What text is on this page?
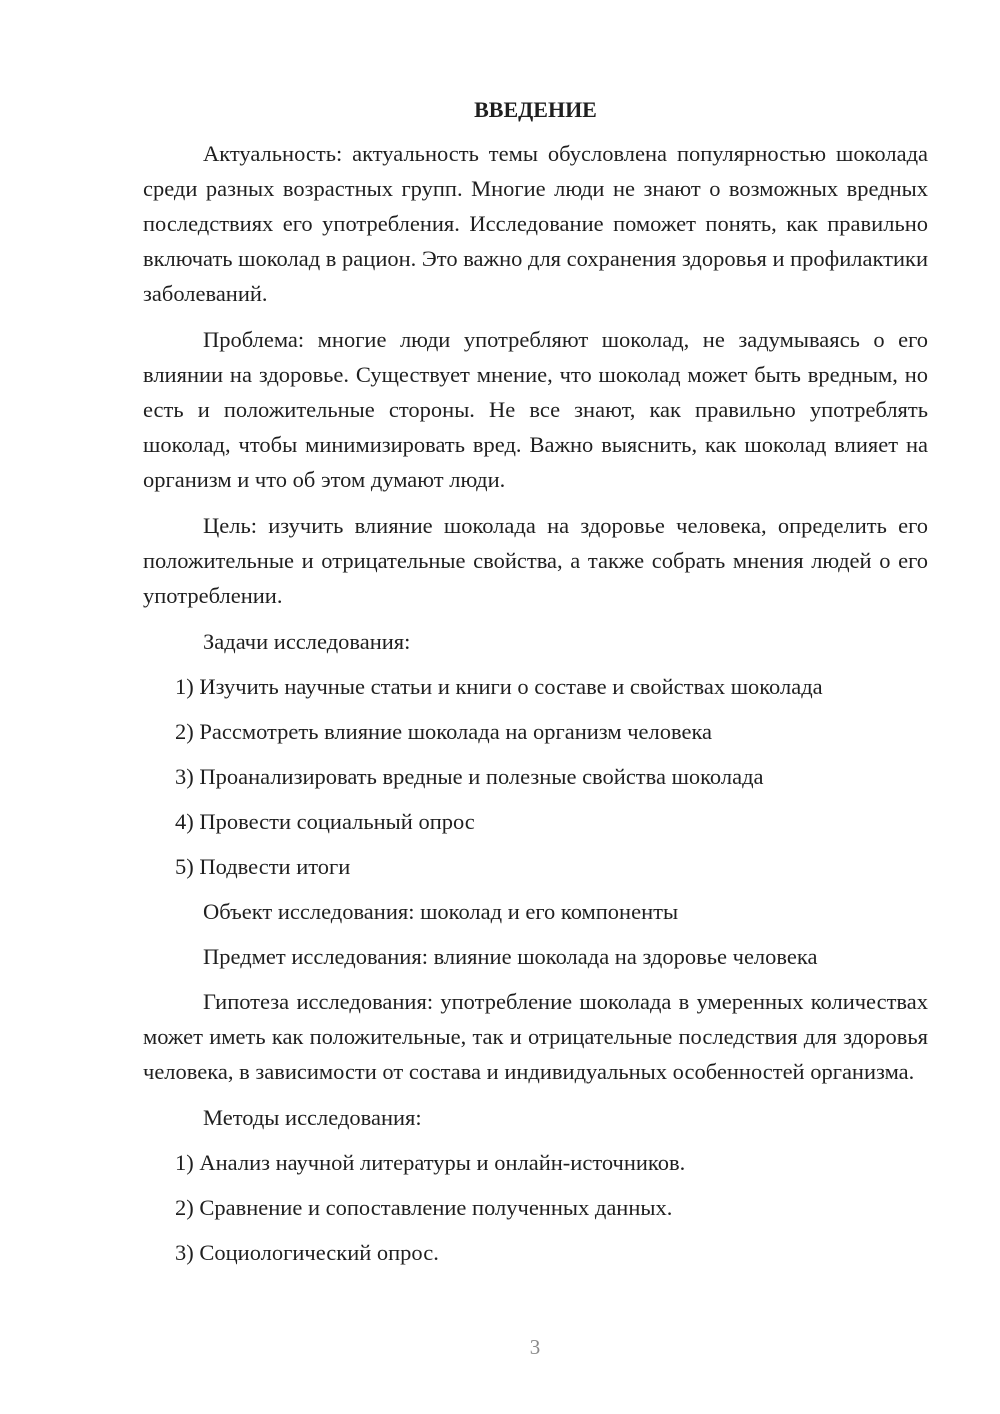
ВВЕДЕНИЕ

Актуальность: актуальность темы обусловлена популярностью шоколада среди разных возрастных групп. Многие люди не знают о возможных вредных последствиях его употребления. Исследование поможет понять, как правильно включать шоколад в рацион. Это важно для сохранения здоровья и профилактики заболеваний.

Проблема: многие люди употребляют шоколад, не задумываясь о его влиянии на здоровье. Существует мнение, что шоколад может быть вредным, но есть и положительные стороны. Не все знают, как правильно употреблять шоколад, чтобы минимизировать вред. Важно выяснить, как шоколад влияет на организм и что об этом думают люди.

Цель: изучить влияние шоколада на здоровье человека, определить его положительные и отрицательные свойства, а также собрать мнения людей о его употреблении.

Задачи исследования:
1) Изучить научные статьи и книги о составе и свойствах шоколада
2) Рассмотреть влияние шоколада на организм человека
3) Проанализировать вредные и полезные свойства шоколада
4) Провести социальный опрос
5) Подвести итоги
Объект исследования: шоколад и его компоненты
Предмет исследования: влияние шоколада на здоровье человека

Гипотеза исследования: употребление шоколада в умеренных количествах может иметь как положительные, так и отрицательные последствия для здоровья человека, в зависимости от состава и индивидуальных особенностей организма.

Методы исследования:
1) Анализ научной литературы и онлайн-источников.
2) Сравнение и сопоставление полученных данных.
3) Социологический опрос.
3
